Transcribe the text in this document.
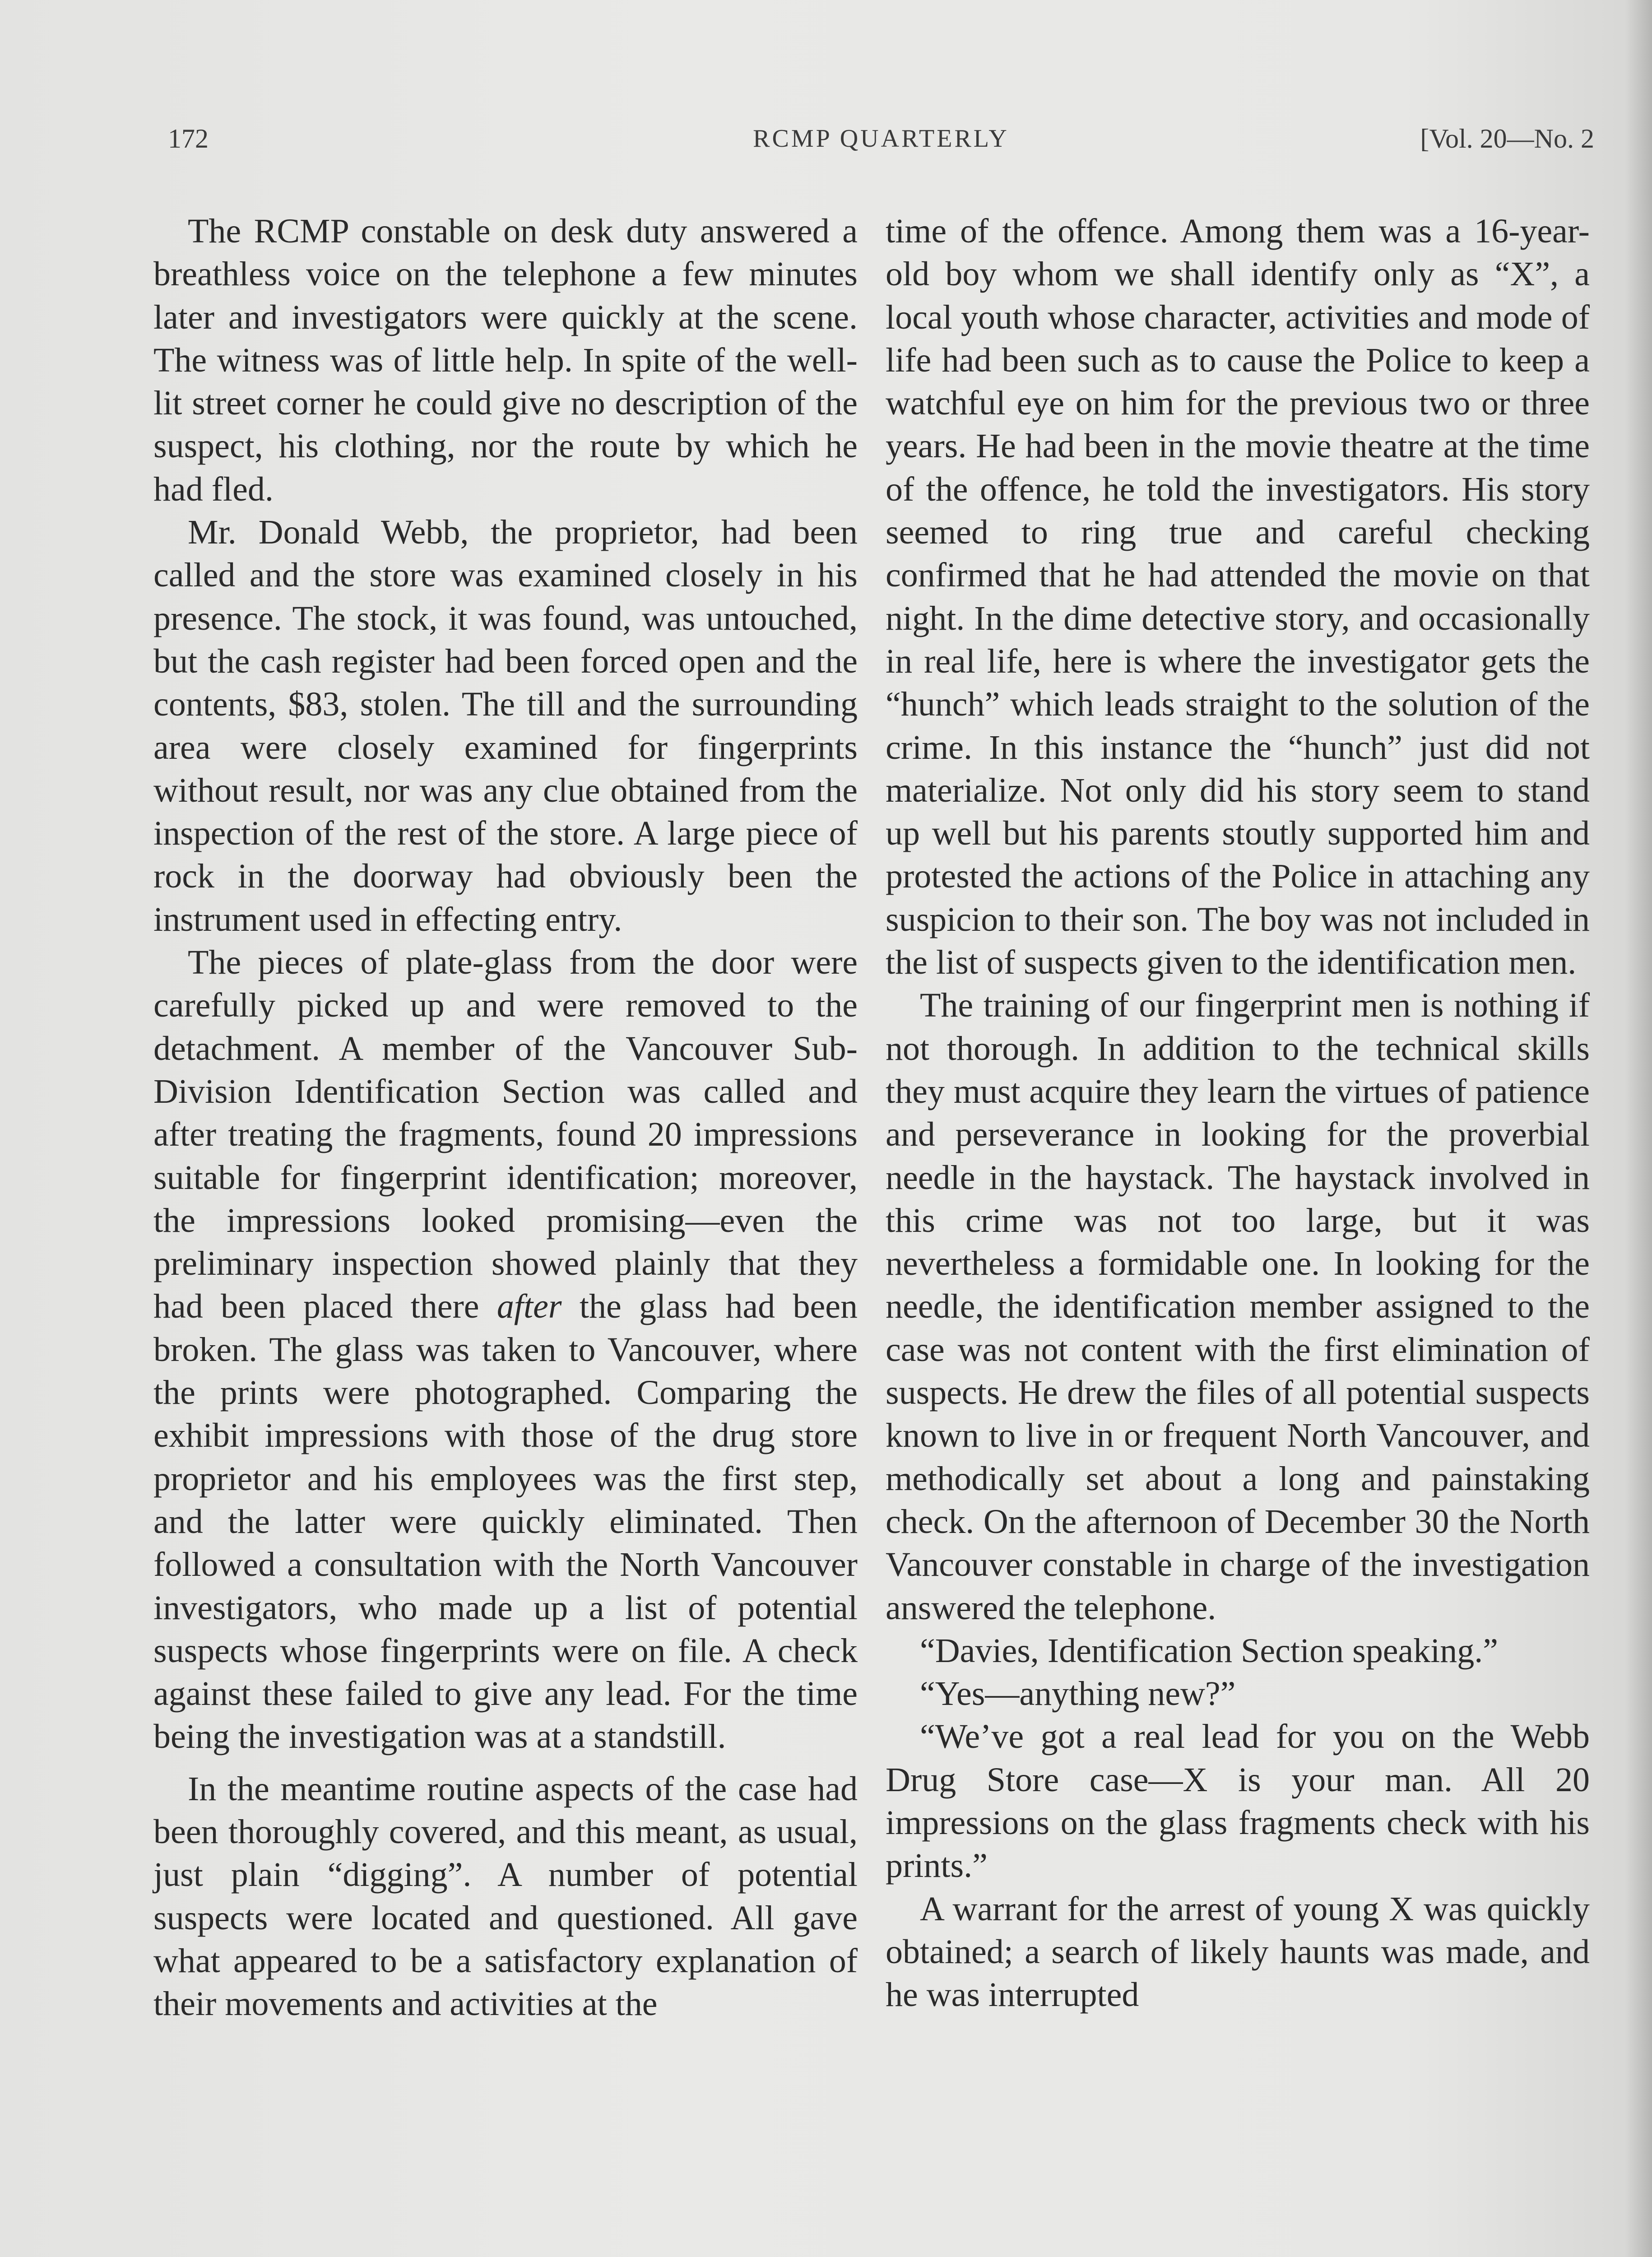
172	RCMP QUARTERLY	[Vol. 20—No. 2

The RCMP constable on desk duty answered a breathless voice on the telephone a few minutes later and investigators were quickly at the scene. The witness was of little help. In spite of the well-lit street corner he could give no description of the suspect, his clothing, nor the route by which he had fled.

Mr. Donald Webb, the proprietor, had been called and the store was examined closely in his presence. The stock, it was found, was untouched, but the cash register had been forced open and the contents, $83, stolen. The till and the surrounding area were closely examined for fingerprints without result, nor was any clue obtained from the inspection of the rest of the store. A large piece of rock in the doorway had obviously been the instrument used in effecting entry.

The pieces of plate-glass from the door were carefully picked up and were removed to the detachment. A member of the Vancouver Sub-Division Identification Section was called and after treating the fragments, found 20 impressions suitable for fingerprint identification; moreover, the impressions looked promising—even the preliminary inspection showed plainly that they had been placed there after the glass had been broken. The glass was taken to Vancouver, where the prints were photographed. Comparing the exhibit impressions with those of the drug store proprietor and his employees was the first step, and the latter were quickly eliminated. Then followed a consultation with the North Vancouver investigators, who made up a list of potential suspects whose fingerprints were on file. A check against these failed to give any lead. For the time being the investigation was at a standstill.

In the meantime routine aspects of the case had been thoroughly covered, and this meant, as usual, just plain “digging”. A number of potential suspects were located and questioned. All gave what appeared to be a satisfactory explanation of their movements and activities at the

time of the offence. Among them was a 16-year-old boy whom we shall identify only as “X”, a local youth whose character, activities and mode of life had been such as to cause the Police to keep a watchful eye on him for the previous two or three years. He had been in the movie theatre at the time of the offence, he told the investigators. His story seemed to ring true and careful checking confirmed that he had attended the movie on that night. In the dime detective story, and occasionally in real life, here is where the investigator gets the “hunch” which leads straight to the solution of the crime. In this instance the “hunch” just did not materialize. Not only did his story seem to stand up well but his parents stoutly supported him and protested the actions of the Police in attaching any suspicion to their son. The boy was not included in the list of suspects given to the identification men.

The training of our fingerprint men is nothing if not thorough. In addition to the technical skills they must acquire they learn the virtues of patience and perseverance in looking for the proverbial needle in the haystack. The haystack involved in this crime was not too large, but it was nevertheless a formidable one. In looking for the needle, the identification member assigned to the case was not content with the first elimination of suspects. He drew the files of all potential suspects known to live in or frequent North Vancouver, and methodically set about a long and painstaking check. On the afternoon of December 30 the North Vancouver constable in charge of the investigation answered the telephone.

“Davies, Identification Section speaking.”

“Yes—anything new?”

“We’ve got a real lead for you on the Webb Drug Store case—X is your man. All 20 impressions on the glass fragments check with his prints.”

A warrant for the arrest of young X was quickly obtained; a search of likely haunts was made, and he was interrupted
